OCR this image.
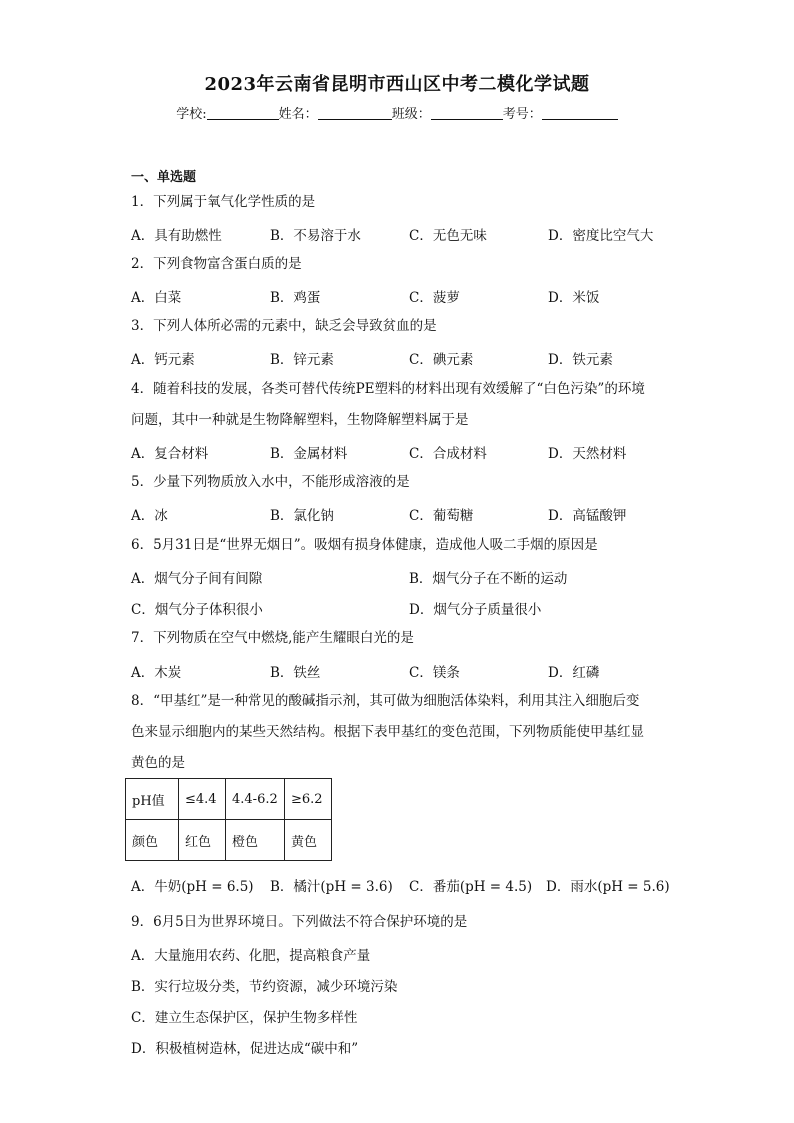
2023年云南省昆明市西山区中考二模化学试题
学校:	姓名：	班级：	考号：
一、单选题
1．下列属于氧气化学性质的是
A．具有助燃性	B．不易溶于水	C．无色无味	D．密度比空气大
2．下列食物富含蛋白质的是
A．白菜	B．鸡蛋	C．菠萝	D．米饭
3．下列人体所必需的元素中，缺乏会导致贫血的是
A．钙元素	B．锌元素	C．碘元素	D．铁元素
4．随着科技的发展，各类可替代传统PE塑料的材料出现有效缓解了“白色污染”的环境
问题，其中一种就是生物降解塑料，生物降解塑料属于是
A．复合材料	B．金属材料	C．合成材料	D．天然材料
5．少量下列物质放入水中，不能形成溶液的是
A．冰	B．氯化钠	C．葡萄糖	D．高锰酸钾
6．5月31日是“世界无烟日”。吸烟有损身体健康，造成他人吸二手烟的原因是
A．烟气分子间有间隙	B．烟气分子在不断的运动
C．烟气分子体积很小	D．烟气分子质量很小
7．下列物质在空气中燃烧,能产生耀眼白光的是
A．木炭	B．铁丝	C．镁条	D．红磷
8．“甲基红”是一种常见的酸碱指示剂，其可做为细胞活体染料，利用其注入细胞后变
色来显示细胞内的某些天然结构。根据下表甲基红的变色范围，下列物质能使甲基红显
黄色的是
pH值	≤4.4	4.4-6.2	≥6.2
颜色	红色	橙色	黄色
A．牛奶(pH = 6.5) B．橘汁(pH = 3.6) C．番茄(pH = 4.5) D．雨水(pH = 5.6)
9．6月5日为世界环境日。下列做法不符合保护环境的是
A．大量施用农药、化肥，提高粮食产量
B．实行垃圾分类，节约资源，减少环境污染
C．建立生态保护区，保护生物多样性
D．积极植树造林，促进达成“碳中和”
